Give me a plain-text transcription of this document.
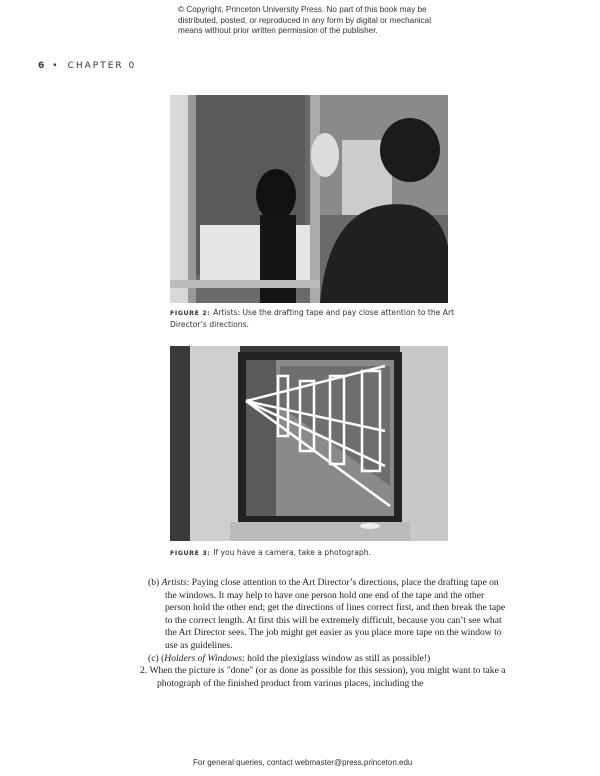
© Copyright, Princeton University Press. No part of this book may be distributed, posted, or reproduced in any form by digital or mechanical means without prior written permission of the publisher.
6 • CHAPTER 0
FIGURE 2: Artists: Use the drafting tape and pay close attention to the Art Director’s directions.
FIGURE 3: If you have a camera, take a photograph.
(b) Artists: Paying close attention to the Art Director’s directions, place the drafting tape on the windows. It may help to have one person hold one end of the tape and the other person hold the other end; get the directions of lines correct first, and then break the tape to the correct length. At first this will be extremely difficult, because you can’t see what the Art Director sees. The job might get easier as you place more tape on the window to use as guidelines.
(c) (Holders of Windows: hold the plexiglass window as still as possible!)
2. When the picture is "done" (or as done as possible for this session), you might want to take a photograph of the finished product from various places, including the
For general queries, contact webmaster@press.princeton.edu
